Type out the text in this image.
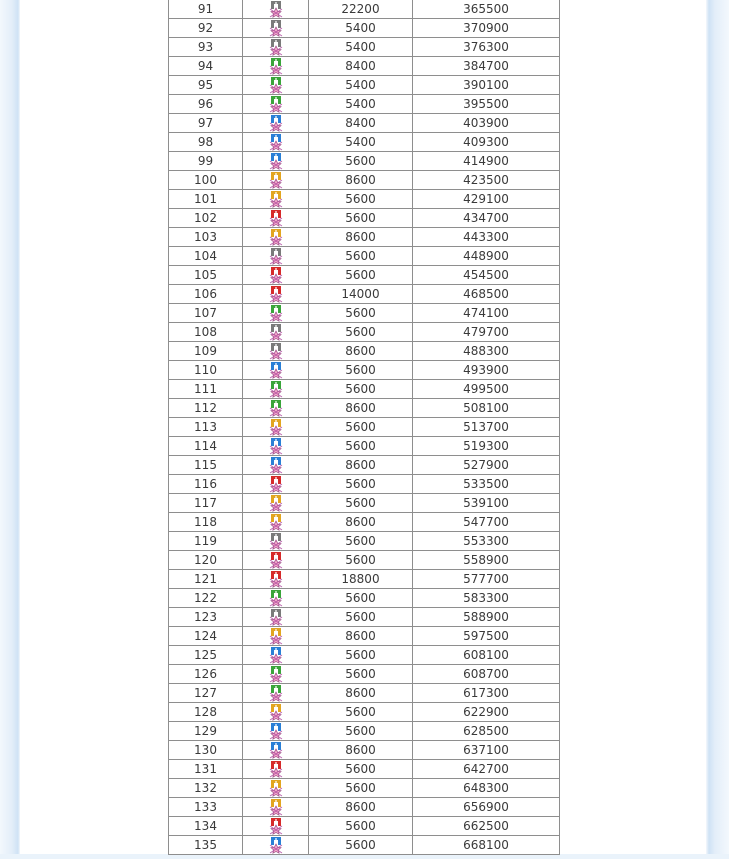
91		22200	365500
92		5400	370900
93		5400	376300
94		8400	384700
95		5400	390100
96		5400	395500
97		8400	403900
98		5400	409300
99		5600	414900
100		8600	423500
101		5600	429100
102		5600	434700
103		8600	443300
104		5600	448900
105		5600	454500
106		14000	468500
107		5600	474100
108		5600	479700
109		8600	488300
110		5600	493900
111		5600	499500
112		8600	508100
113		5600	513700
114		5600	519300
115		8600	527900
116		5600	533500
117		5600	539100
118		8600	547700
119		5600	553300
120		5600	558900
121		18800	577700
122		5600	583300
123		5600	588900
124		8600	597500
125		5600	608100
126		5600	608700
127		8600	617300
128		5600	622900
129		5600	628500
130		8600	637100
131		5600	642700
132		5600	648300
133		8600	656900
134		5600	662500
135		5600	668100
